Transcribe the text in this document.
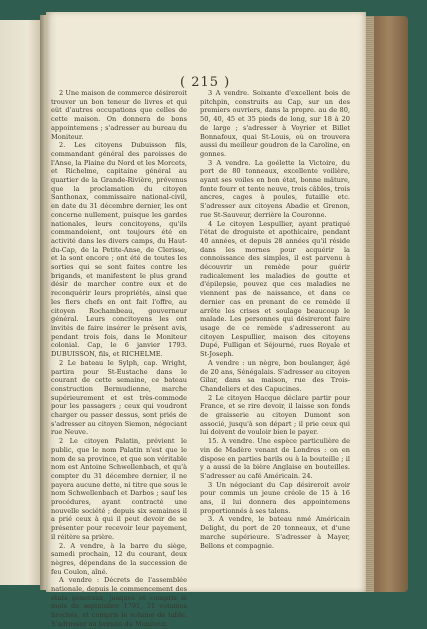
( 215 )

2 Une maison de commerce désireroit trouver un bon teneur de livres et qui eût d'autres occupations que celles de cette maison. On donnera de bons appointemens ; s'adresser au bureau du Moniteur.

2. Les citoyens Dubuisson fils, commandant général des paroisses de l'Anse, la Plaine du Nord et les Morcets, et Richelme, capitaine général au quartier de la Grande-Rivière, prévenus que la proclamation du citoyen Santhonax, commissaire national-civil, en date du 31 décembre dernier, les ont concerne nullement, puisque les gardes nationales, leurs concitoyens, qu'ils commandoient, ont toujours été en activité dans les divers camps, du Haut-du-Cap, de la Petite-Anse, de Clerisse, et la sont encore ; ont été de toutes les sorties qui se sont faites contre les brigands, et manifestent le plus grand désir de marcher contre eux et de reconquérir leurs propriétés, ainsi que les fiers chefs en ont fait l'offre, au citoyen Rochambeau, gouverneur général. Leurs concitoyens les ont invités de faire insérer le présent avis, pendant trois fois, dans le Moniteur colonial. Cap, le 6 janvier 1793. DUBUISSON, fils, et RICHELME.

2 Le bateau le Sylph, cap. Wright, partira pour St-Eustache dans le courant de cette semaine, ce bateau construction Bermudienne, marche supérieurement et est très-commode pour les passagers ; ceux qui voudront charger ou passer dessus, sont priés de s'adresser au citoyen Siemon, négociant rue Neuve.

2 Le citoyen Palatin, prévient le public, que le nom Palatin n'est que le nom de sa province, et que son véritable nom est Antoine Schwellenbach, et qu'à compter du 31 décembre dernier, il ne payera aucune dette, ni titre que sous le nom Schwellenbach et Darbos ; sauf les procédures, ayant contracté une nouvelle société ; depuis six semaines il a prié ceux à qui il peut devoir de se présenter pour recevoir leur payement, il réitère sa prière.

2. A vendre, à la barre du siège, samedi prochain, 12 du courant, deux nègres, dépendans de la succession de feu Coulon, aîné.

A vendre : Décrets de l'assemblée nationale, depuis le commencement des états généraux, jusques et compris le mois de septembre 1791, 31 volumes brochés, et compris le volume de table. S'adresser au bureau du Moniteur.

3 A vendre. Soixante d'excellent bois de pitchpin, construits au Cap, sur un des premiers ouvriers, dans la propre. au de 80, 50, 40, 45 et 35 pieds de long, sur 18 à 20 de large ; s'adresser à Voyrier et Billet Bonnafoux, quai St-Louis, où on trouvera aussi du meilleur goudron de la Caroline, en gonnes.

3 A vendre. La goélette la Victoire, du port de 80 tonneaux, excellente voilière, ayant ses voiles en bon état, bonne mâture, fonte fourr et tente neuve, trois câbles, trois ancres, cages à poules, futaille etc. S'adresser aux citoyens Abadie et Grenon, rue St-Sauveur, derrière la Couronne.

4 Le citoyen Lespullier, ayant pratiqué l'état de droguiste et apothicaire, pendant 40 années, et depuis 28 années qu'il réside dans les mornes pour acquérir la connoissance des simples, il est parvenu à découvrir un remède pour guérir radicalement les maladies de goutte et d'épilepsie, pouvez que ces maladies ne viennent pas de naissance, et dans ce dernier cas en prenant de ce remède il arrête les crises et soulage beaucoup le malade. Les personnes qui désireront faire usage de ce remède s'adresseront au citoyen Lespullier, maison des citoyens Dupé, Fulligan et Séjourné, rues Royale et St-Joseph.

A vendre : un nègre, bon boulanger, âgé de 20 ans, Sénégalais. S'adresser au citoyen Gilar, dans sa maison, rue des Trois-Chandeliers et des Capucines.

2 Le citoyen Hacque déclare partir pour France, et se rire devoir, il laisse son fonds de graisserie au citoyen Dumont son associé, jusqu'à son départ ; il prie ceux qui lui doivent de vouloir bien le payer.

15. A vendre. Une espèce particulière de vin de Madère venant de Londres : on en dispose en parties barils ou à la bouteille ; il y a aussi de la bière Anglaise en bouteilles. S'adresser au café Américain. 24.

3 Un négociant du Cap désireroit avoir pour commis un jeune créole de 15 à 16 ans, il lui donnera des appointemens proportionnés à ses talens.

3. A vendre, le bateau nmé Américain Delight, du port de 20 tonneaux, et d'une marche supérieure. S'adresser à Mayer, Bellons et compagnie.
